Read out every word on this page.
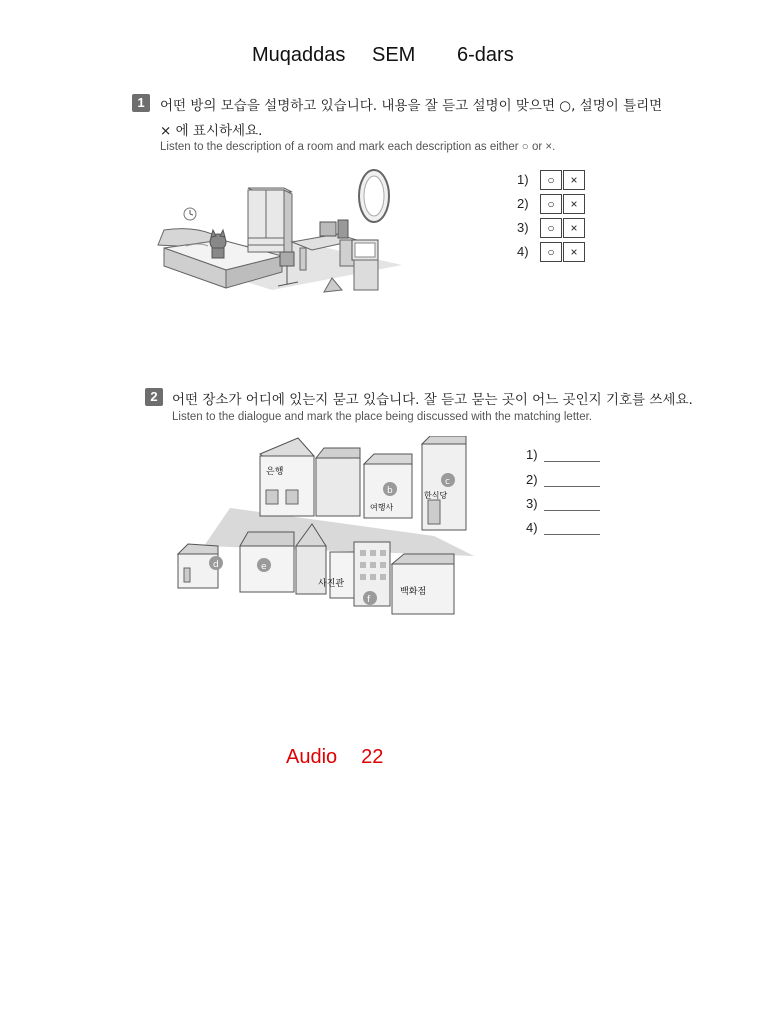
Muqaddas SEM 6-dars
1	어떤 방의 모습을 설명하고 있습니다. 내용을 잘 듣고 설명이 맞으면 ○, 설명이 틀리면
× 에 표시하세요.
Listen to the description of a room and mark each description as either ○ or ×.
1)	○	×
2)	○	×
3)	○	×
4)	○	×
2	어떤 장소가 어디에 있는지 묻고 있습니다. 잘 듣고 묻는 곳이 어느 곳인지 기호를 쓰세요.
Listen to the dialogue and mark the place being discussed with the matching letter.
은행
여행사
b	한식당
c
d	e
사진관
f
백화점
1)
2)
3)
4)
Audio 22
